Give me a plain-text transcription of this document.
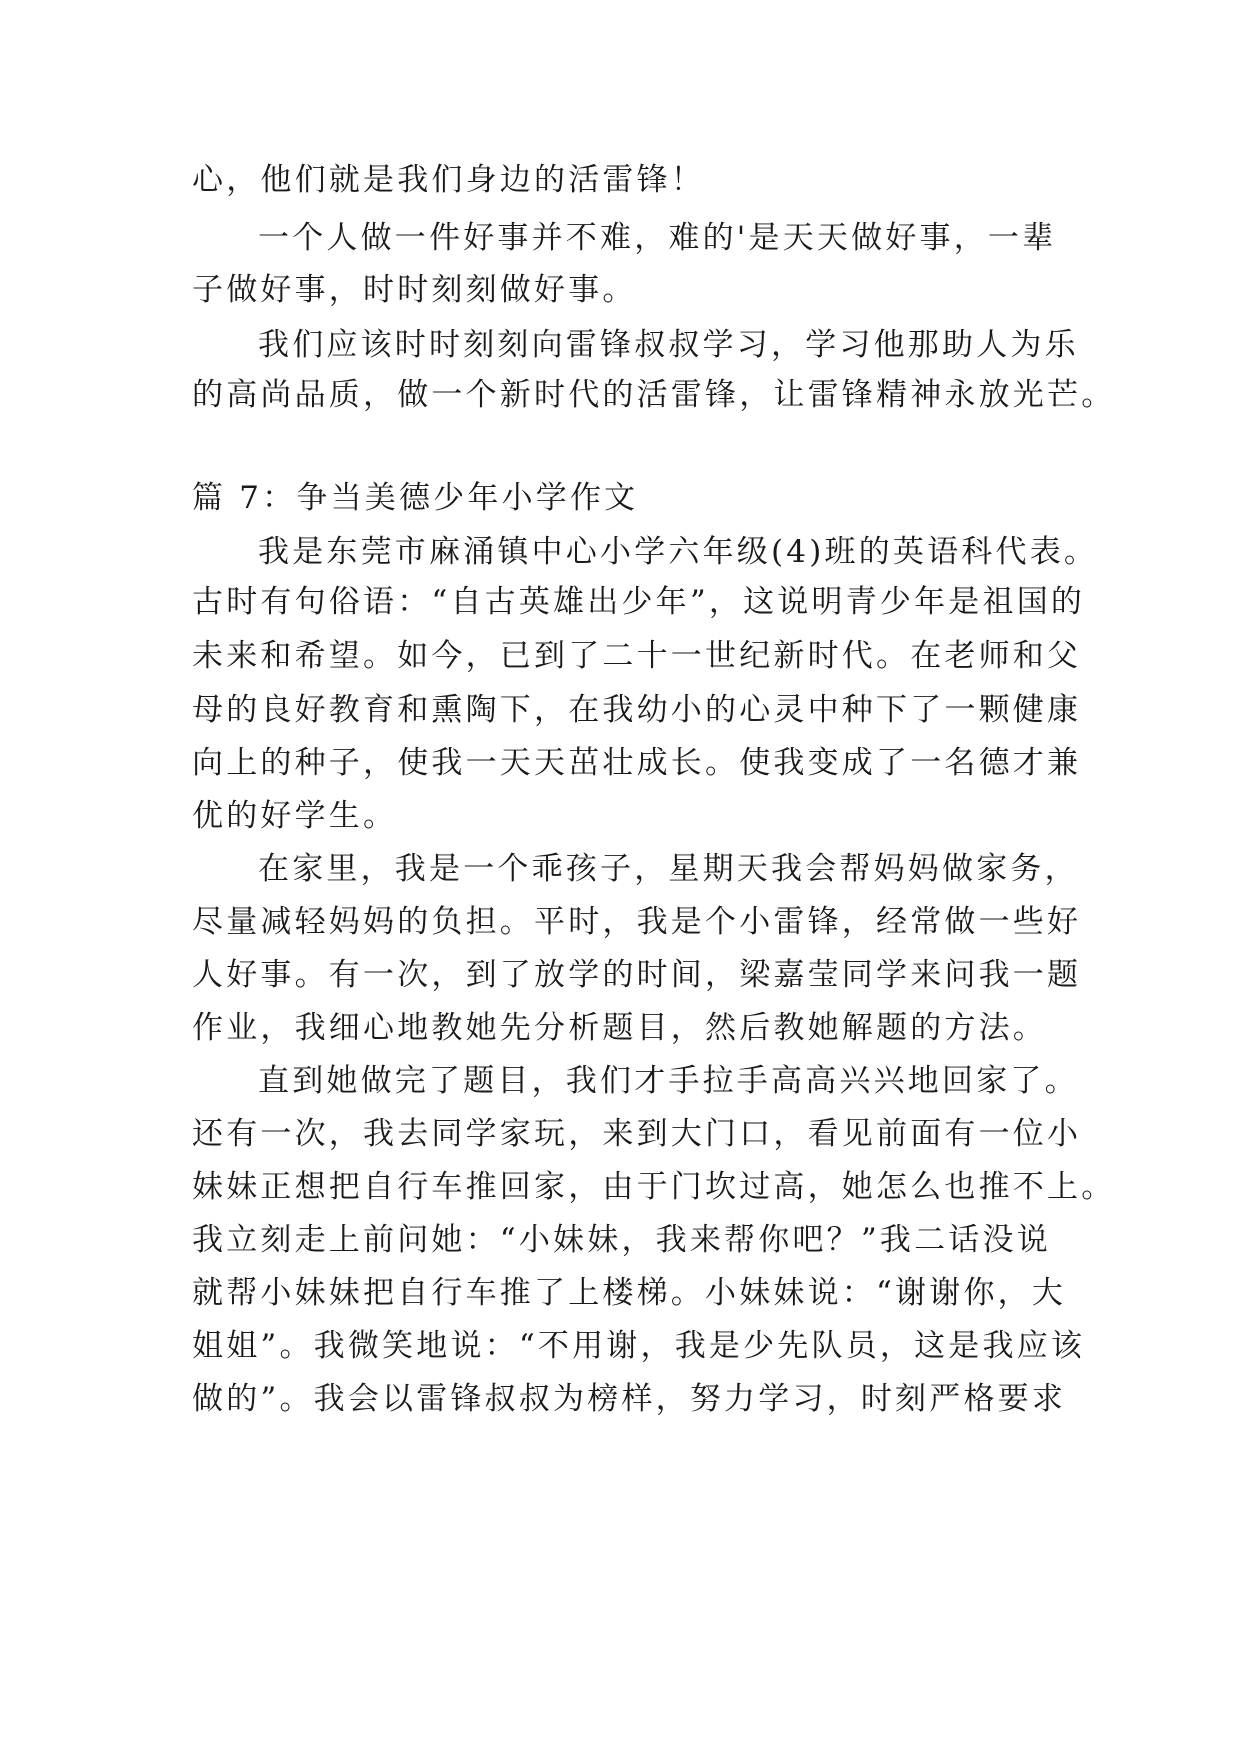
心，他们就是我们身边的活雷锋！
一个人做一件好事并不难，难的'是天天做好事，一辈
子做好事，时时刻刻做好事。
我们应该时时刻刻向雷锋叔叔学习，学习他那助人为乐
的高尚品质，做一个新时代的活雷锋，让雷锋精神永放光芒。
篇 7：争当美德少年小学作文
我是东莞市麻涌镇中心小学六年级(4)班的英语科代表。
古时有句俗语：“自古英雄出少年”，这说明青少年是祖国的
未来和希望。如今，已到了二十一世纪新时代。在老师和父
母的良好教育和熏陶下，在我幼小的心灵中种下了一颗健康
向上的种子，使我一天天茁壮成长。使我变成了一名德才兼
优的好学生。
在家里，我是一个乖孩子，星期天我会帮妈妈做家务，
尽量减轻妈妈的负担。平时，我是个小雷锋，经常做一些好
人好事。有一次，到了放学的时间，梁嘉莹同学来问我一题
作业，我细心地教她先分析题目，然后教她解题的方法。
直到她做完了题目，我们才手拉手高高兴兴地回家了。
还有一次，我去同学家玩，来到大门口，看见前面有一位小
妹妹正想把自行车推回家，由于门坎过高，她怎么也推不上。
我立刻走上前问她：“小妹妹，我来帮你吧？”我二话没说
就帮小妹妹把自行车推了上楼梯。小妹妹说：“谢谢你，大
姐姐”。我微笑地说：“不用谢，我是少先队员，这是我应该
做的”。我会以雷锋叔叔为榜样，努力学习，时刻严格要求
